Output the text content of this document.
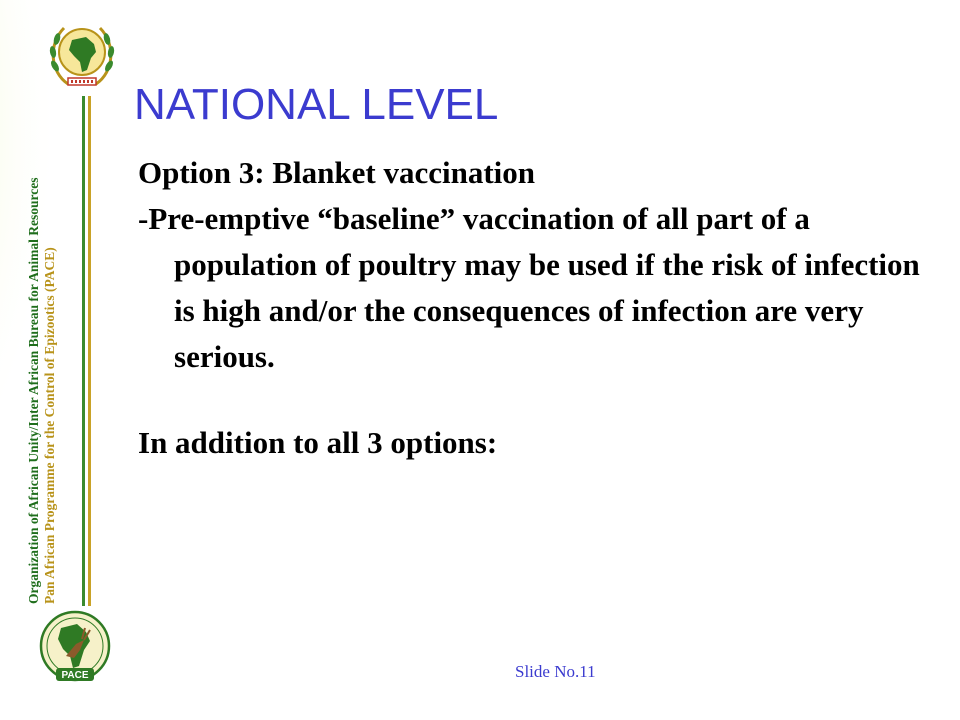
Organization of African Unity/Inter African Bureau for Animal Resources Pan African Programme for the Control of Epizootics (PACE)
PACE
NATIONAL LEVEL

Option 3: Blanket vaccination

-Pre-emptive “baseline” vaccination of all part of a population of poultry may be used if the risk of infection is high and/or the consequences of infection are very serious.

In addition to all 3 options:

Slide No.11
